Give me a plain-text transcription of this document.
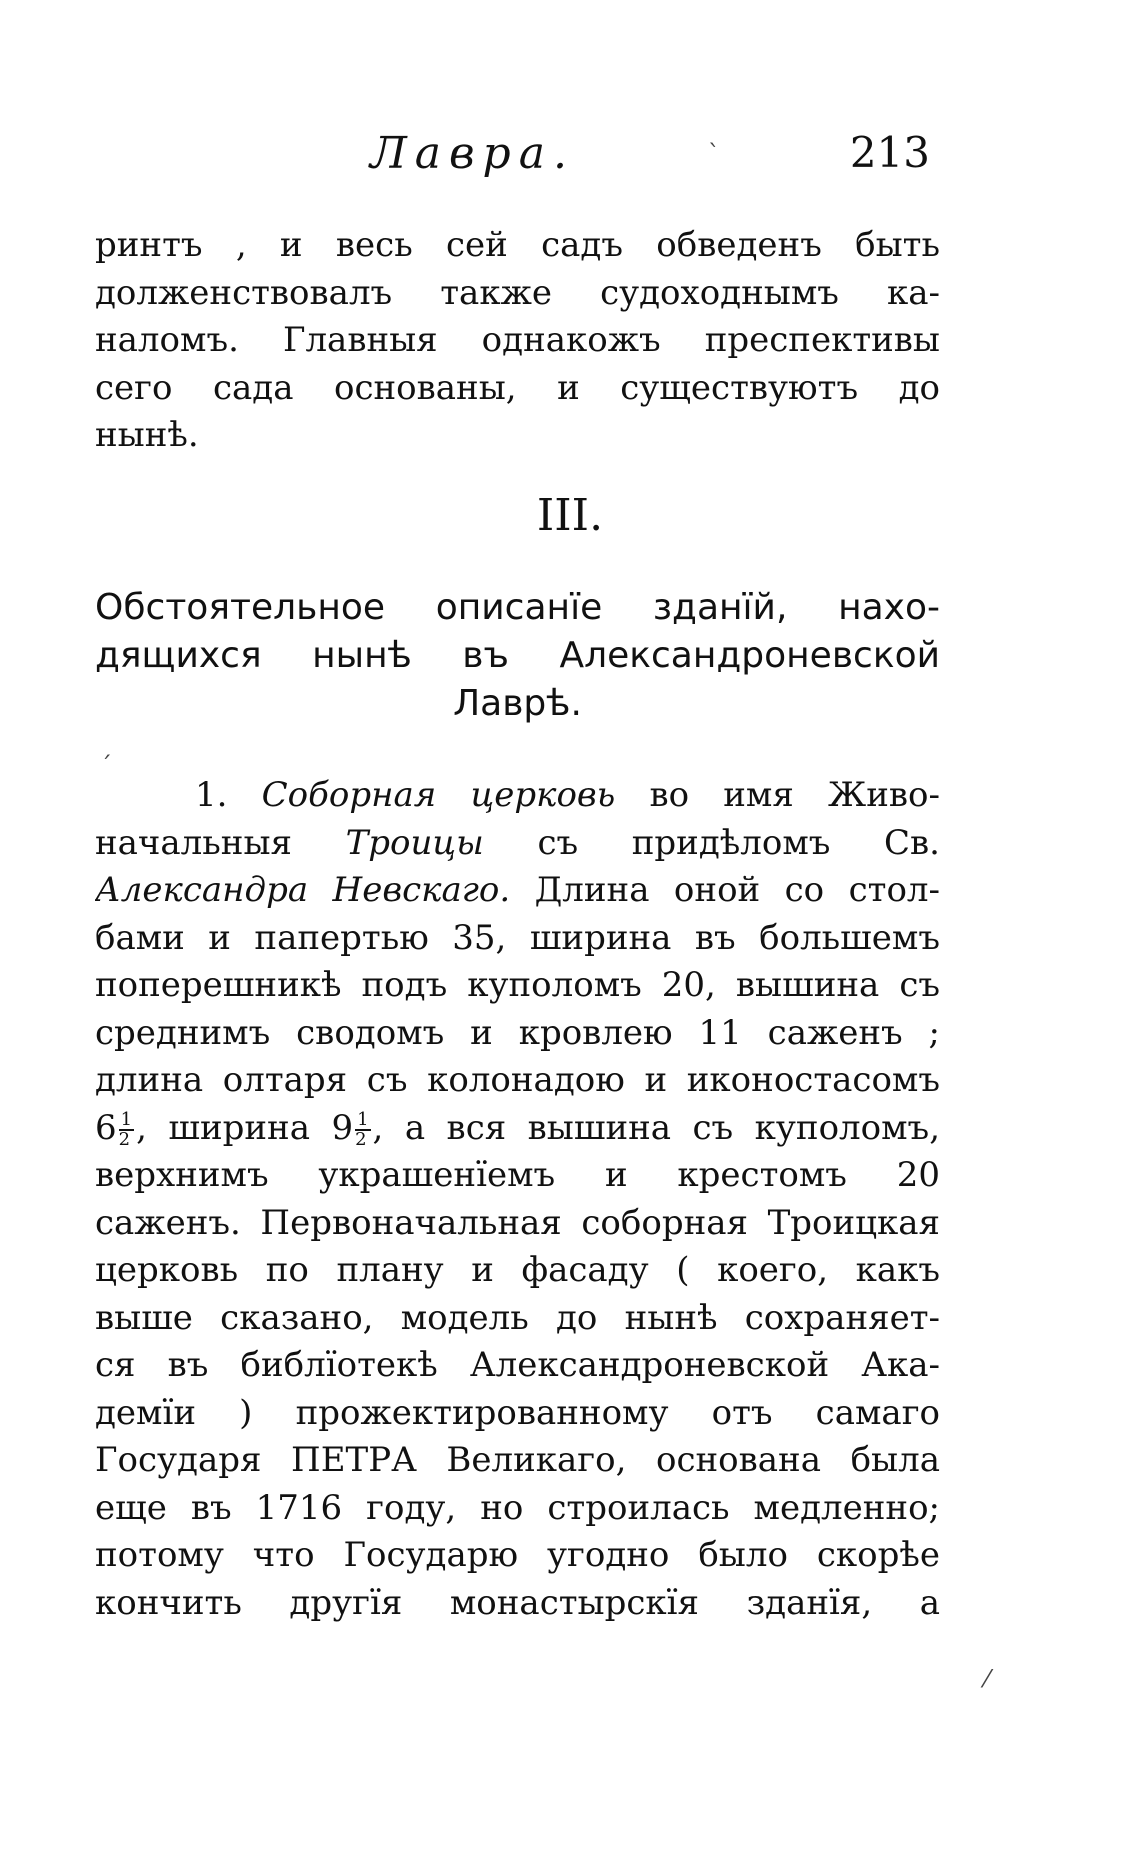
Лавра.	213
ринтъ , и весь сей садъ обведенъ быть
долженствовалъ также судоходнымъ ка-
наломъ. Главныя однакожъ преспективы
сего сада основаны, и существуютъ до
нынѣ.
III.
Обстоятельное описанїе зданїй, нахо-
дящихся нынѣ въ Александроневской
Лаврѣ.
1. Соборная церковь во имя Живо-
начальныя Троицы съ придѣломъ Св.
Александра Невскаго. Длина оной со стол-
бами и папертью 35, ширина въ большемъ
поперешникѣ подъ куполомъ 20, вышина съ
среднимъ сводомъ и кровлею 11 саженъ ;
длина олтаря съ колонадою и иконостасомъ
$6 \frac{1}{2}$ , ширина $9 \frac{1}{2}$ , а вся вышина съ куполомъ,
верхнимъ украшенїемъ и крестомъ 20
саженъ. Первоначальная соборная Троицкая
церковь по плану и фасаду ( коего, какъ
выше сказано, модель до нынѣ сохраняет-
ся въ библїотекѣ Александроневской Ака-
демїи ) прожектированному отъ самаго
Государя ПЕТРА Великаго, основана была
еще въ 1716 году, но строилась медленно;
потому что Государю угодно было скорѣе
кончить другїя монастырскїя зданїя, а
ˋ
ˊ
⁄
